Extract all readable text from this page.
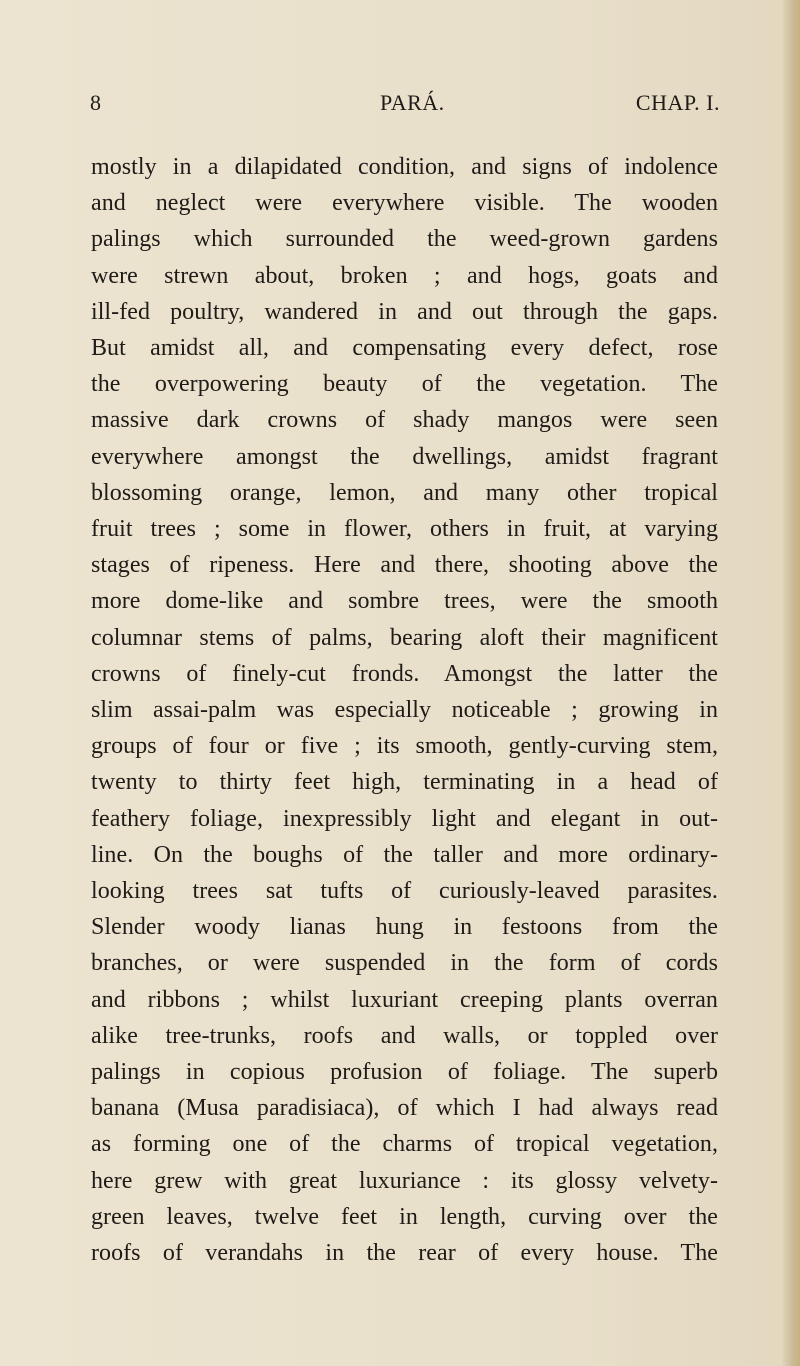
8	PARÁ.	CHAP. I.
mostly in a dilapidated condition, and signs of indolence
and neglect were everywhere visible. The wooden
palings which surrounded the weed-grown gardens
were strewn about, broken ; and hogs, goats and
ill-fed poultry, wandered in and out through the gaps.
But amidst all, and compensating every defect, rose
the overpowering beauty of the vegetation. The
massive dark crowns of shady mangos were seen
everywhere amongst the dwellings, amidst fragrant
blossoming orange, lemon, and many other tropical
fruit trees ; some in flower, others in fruit, at varying
stages of ripeness. Here and there, shooting above the
more dome-like and sombre trees, were the smooth
columnar stems of palms, bearing aloft their magnificent
crowns of finely-cut fronds. Amongst the latter the
slim assai-palm was especially noticeable ; growing in
groups of four or five ; its smooth, gently-curving stem,
twenty to thirty feet high, terminating in a head of
feathery foliage, inexpressibly light and elegant in out-
line. On the boughs of the taller and more ordinary-
looking trees sat tufts of curiously-leaved parasites.
Slender woody lianas hung in festoons from the
branches, or were suspended in the form of cords
and ribbons ; whilst luxuriant creeping plants overran
alike tree-trunks, roofs and walls, or toppled over
palings in copious profusion of foliage. The superb
banana (Musa paradisiaca), of which I had always read
as forming one of the charms of tropical vegetation,
here grew with great luxuriance : its glossy velvety-
green leaves, twelve feet in length, curving over the
roofs of verandahs in the rear of every house. The
